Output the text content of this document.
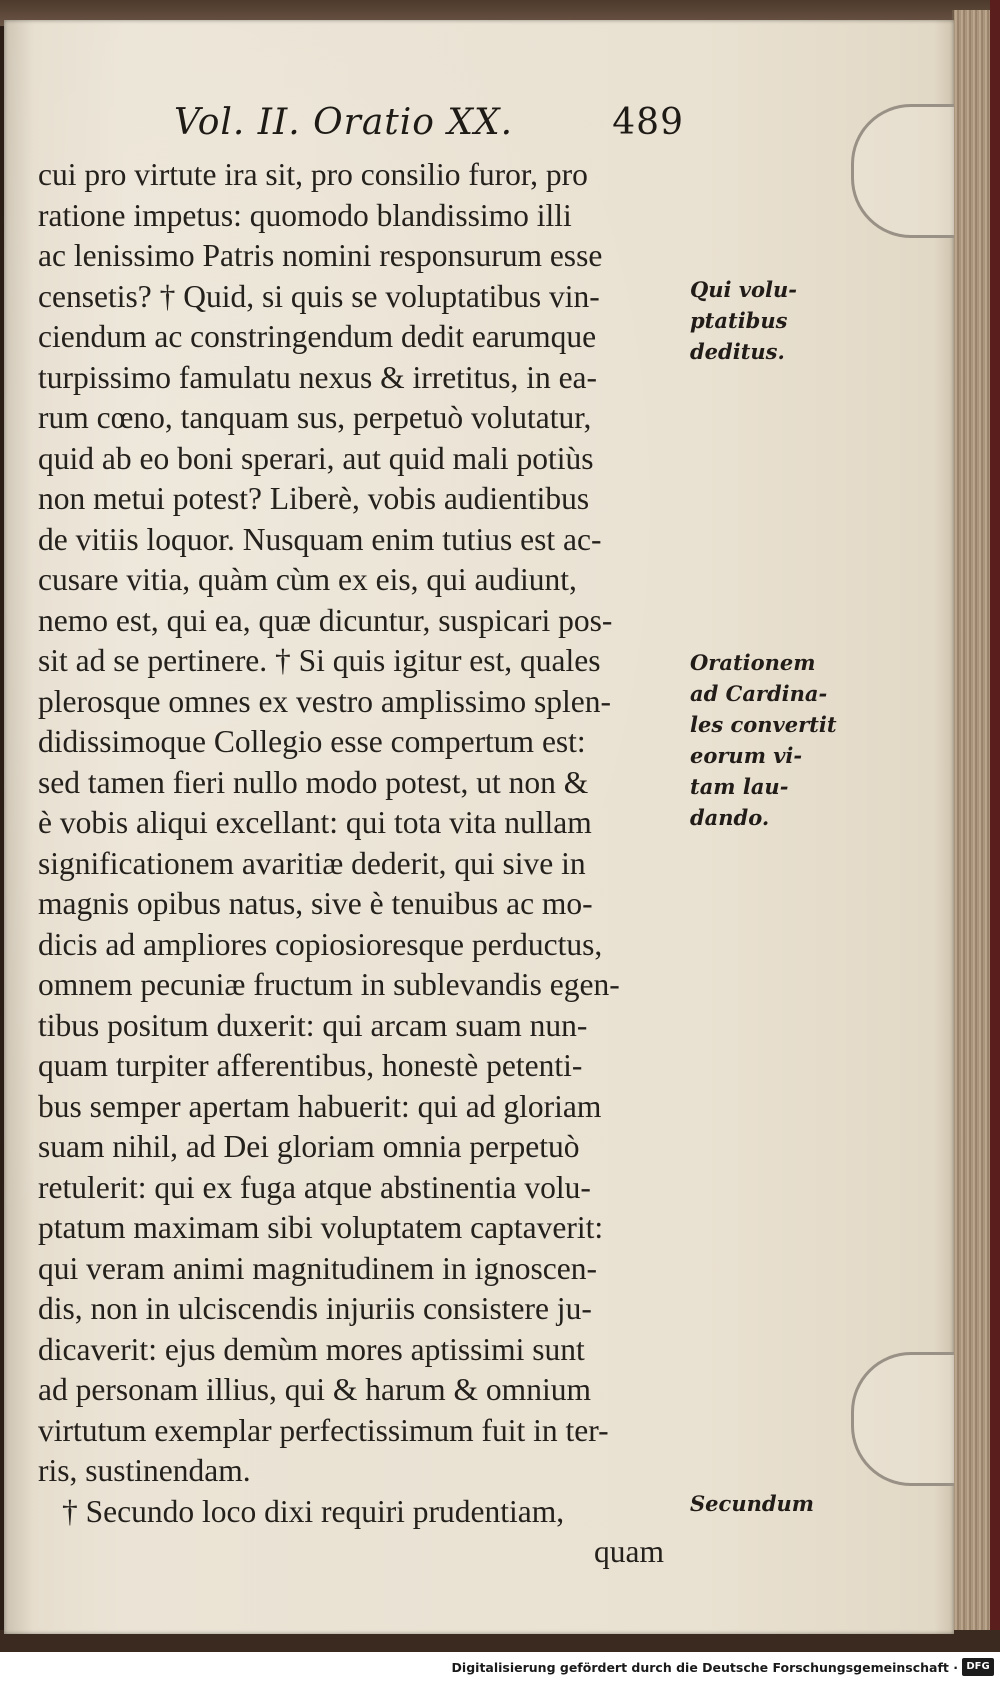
Vol. II. Oratio XX.	489
cui pro virtute ira sit, pro consilio furor, pro
ratione impetus: quomodo blandissimo illi
ac lenissimo Patris nomini responsurum esse
censetis? † Quid, si quis se voluptatibus vin-
ciendum ac constringendum dedit earumque
turpissimo famulatu nexus & irretitus, in ea-
rum cœno, tanquam sus, perpetuò volutatur,
quid ab eo boni sperari, aut quid mali potiùs
non metui potest? Liberè, vobis audientibus
de vitiis loquor. Nusquam enim tutius est ac-
cusare vitia, quàm cùm ex eis, qui audiunt,
nemo est, qui ea, quæ dicuntur, suspicari pos-
sit ad se pertinere. † Si quis igitur est, quales
plerosque omnes ex vestro amplissimo splen-
didissimoque Collegio esse compertum est:
sed tamen fieri nullo modo potest, ut non &
è vobis aliqui excellant: qui tota vita nullam
significationem avaritiæ dederit, qui sive in
magnis opibus natus, sive è tenuibus ac mo-
dicis ad ampliores copiosioresque perductus,
omnem pecuniæ fructum in sublevandis egen-
tibus positum duxerit: qui arcam suam nun-
quam turpiter afferentibus, honestè petenti-
bus semper apertam habuerit: qui ad gloriam
suam nihil, ad Dei gloriam omnia perpetuò
retulerit: qui ex fuga atque abstinentia volu-
ptatum maximam sibi voluptatem captaverit:
qui veram animi magnitudinem in ignoscen-
dis, non in ulciscendis injuriis consistere ju-
dicaverit: ejus demùm mores aptissimi sunt
ad personam illius, qui & harum & omnium
virtutum exemplar perfectissimum fuit in ter-
ris, sustinendam.
† Secundo loco dixi requiri prudentiam,
quam
Qui volu-
ptatibus
deditus.
Orationem
ad Cardina-
les convertit
eorum vi-
tam lau-
dando.
Secundum
Digitalisierung gefördert durch die Deutsche Forschungsgemeinschaft · DFG
